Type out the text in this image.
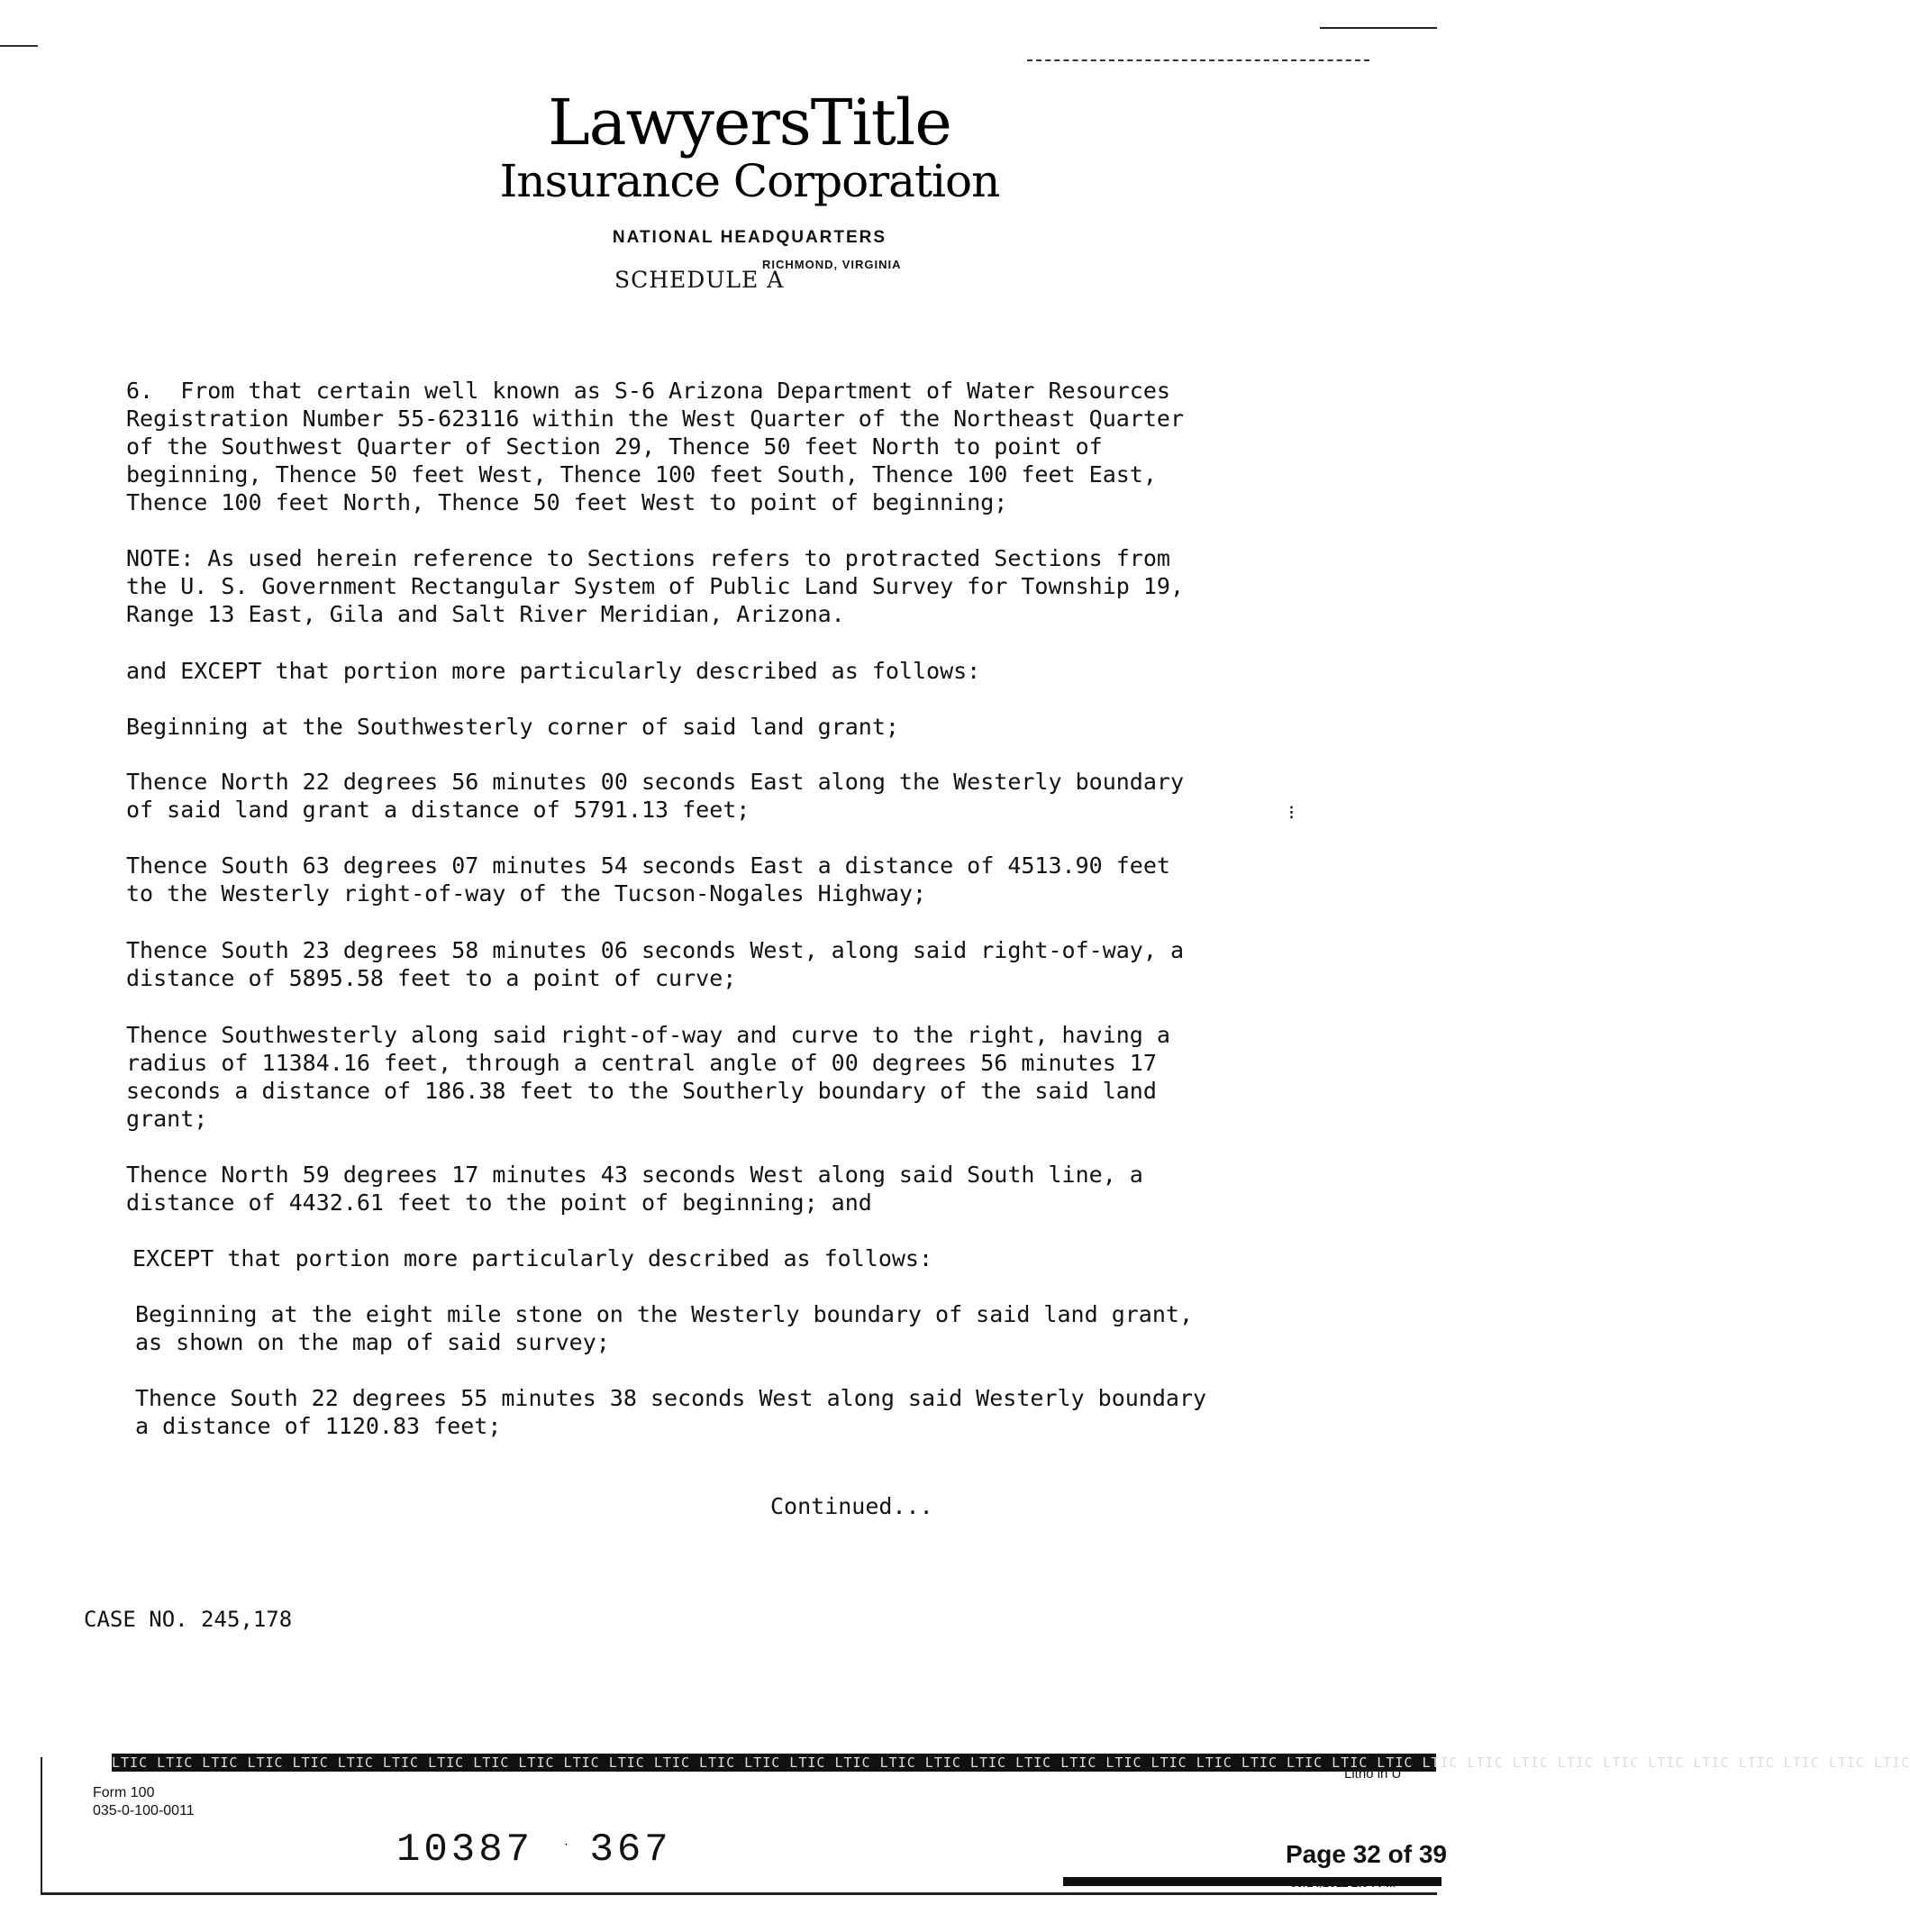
LawyersTitle
Insurance Corporation
NATIONAL HEADQUARTERS
RICHMOND, VIRGINIA
SCHEDULE A
6.  From that certain well known as S-6 Arizona Department of Water Resources
Registration Number 55-623116 within the West Quarter of the Northeast Quarter
of the Southwest Quarter of Section 29, Thence 50 feet North to point of
beginning, Thence 50 feet West, Thence 100 feet South, Thence 100 feet East,
Thence 100 feet North, Thence 50 feet West to point of beginning;
NOTE: As used herein reference to Sections refers to protracted Sections from
the U. S. Government Rectangular System of Public Land Survey for Township 19,
Range 13 East, Gila and Salt River Meridian, Arizona.
and EXCEPT that portion more particularly described as follows:
Beginning at the Southwesterly corner of said land grant;
Thence North 22 degrees 56 minutes 00 seconds East along the Westerly boundary
of said land grant a distance of 5791.13 feet;
Thence South 63 degrees 07 minutes 54 seconds East a distance of 4513.90 feet
to the Westerly right-of-way of the Tucson-Nogales Highway;
Thence South 23 degrees 58 minutes 06 seconds West, along said right-of-way, a
distance of 5895.58 feet to a point of curve;
Thence Southwesterly along said right-of-way and curve to the right, having a
radius of 11384.16 feet, through a central angle of 00 degrees 56 minutes 17
seconds a distance of 186.38 feet to the Southerly boundary of the said land
grant;
Thence North 59 degrees 17 minutes 43 seconds West along said South line, a
distance of 4432.61 feet to the point of beginning; and
EXCEPT that portion more particularly described as follows:
Beginning at the eight mile stone on the Westerly boundary of said land grant,
as shown on the map of said survey;
Thence South 22 degrees 55 minutes 38 seconds West along said Westerly boundary
a distance of 1120.83 feet;
⁝
Continued...
CASE NO. 245,178
LTIC LTIC LTIC LTIC LTIC LTIC LTIC LTIC LTIC LTIC LTIC LTIC LTIC LTIC LTIC LTIC LTIC LTIC LTIC LTIC LTIC LTIC LTIC LTIC LTIC LTIC LTIC LTIC LTIC LTIC LTIC LTIC LTIC LTIC LTIC LTIC LTIC LTIC LTIC LTIC
Litho in U
Form 100
035-0-100-0011
10387 ˑ 367	Page 32 of 39
09/14/2011 2:04 PM
